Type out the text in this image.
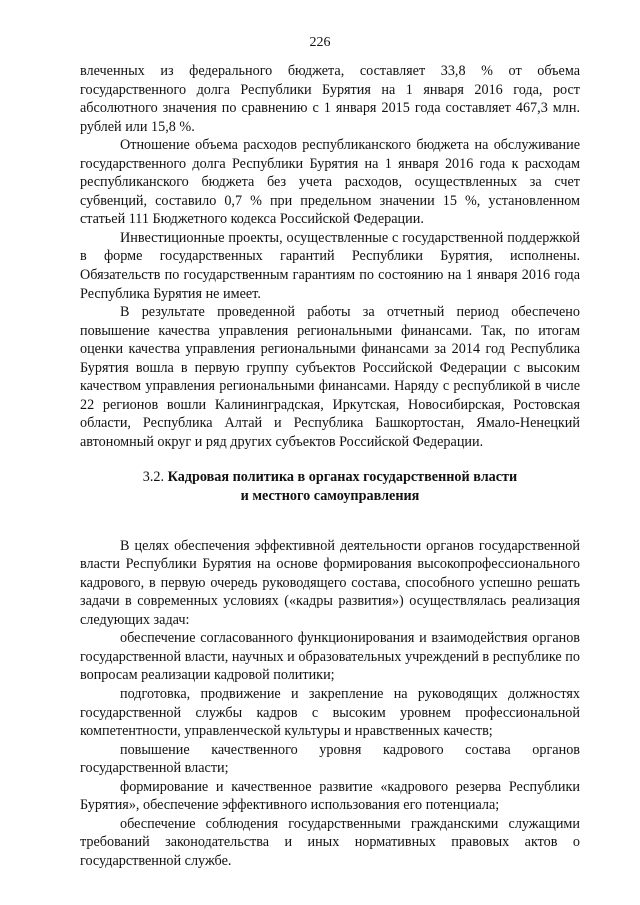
226

влеченных из федерального бюджета, составляет 33,8 % от объема государственного долга Республики Бурятия на 1 января 2016 года, рост абсолютного значения по сравнению с 1 января 2015 года составляет 467,3 млн. рублей или 15,8 %.

Отношение объема расходов республиканского бюджета на обслуживание государственного долга Республики Бурятия на 1 января 2016 года к расходам республиканского бюджета без учета расходов, осуществленных за счет субвенций, составило 0,7 % при предельном значении 15 %, установленном статьей 111 Бюджетного кодекса Российской Федерации.

Инвестиционные проекты, осуществленные с государственной поддержкой в форме государственных гарантий Республики Бурятия, исполнены. Обязательств по государственным гарантиям по состоянию на 1 января 2016 года Республика Бурятия не имеет.

В результате проведенной работы за отчетный период обеспечено повышение качества управления региональными финансами. Так, по итогам оценки качества управления региональными финансами за 2014 год Республика Бурятия вошла в первую группу субъектов Российской Федерации с высоким качеством управления региональными финансами. Наряду с республикой в числе 22 регионов вошли Калининградская, Иркутская, Новосибирская, Ростовская области, Республика Алтай и Республика Башкортостан, Ямало-Ненецкий автономный округ и ряд других субъектов Российской Федерации.

3.2. Кадровая политика в органах государственной власти
и местного самоуправления

В целях обеспечения эффективной деятельности органов государственной власти Республики Бурятия на основе формирования высокопрофессионального кадрового, в первую очередь руководящего состава, способного успешно решать задачи в современных условиях («кадры развития») осуществлялась реализация следующих задач:

обеспечение согласованного функционирования и взаимодействия органов государственной власти, научных и образовательных учреждений в республике по вопросам реализации кадровой политики;

подготовка, продвижение и закрепление на руководящих должностях государственной службы кадров с высоким уровнем профессиональной компетентности, управленческой культуры и нравственных качеств;

повышение качественного уровня кадрового состава органов государственной власти;

формирование и качественное развитие «кадрового резерва Республики Бурятия», обеспечение эффективного использования его потенциала;

обеспечение соблюдения государственными гражданскими служащими требований законодательства и иных нормативных правовых актов о государственной службе.
